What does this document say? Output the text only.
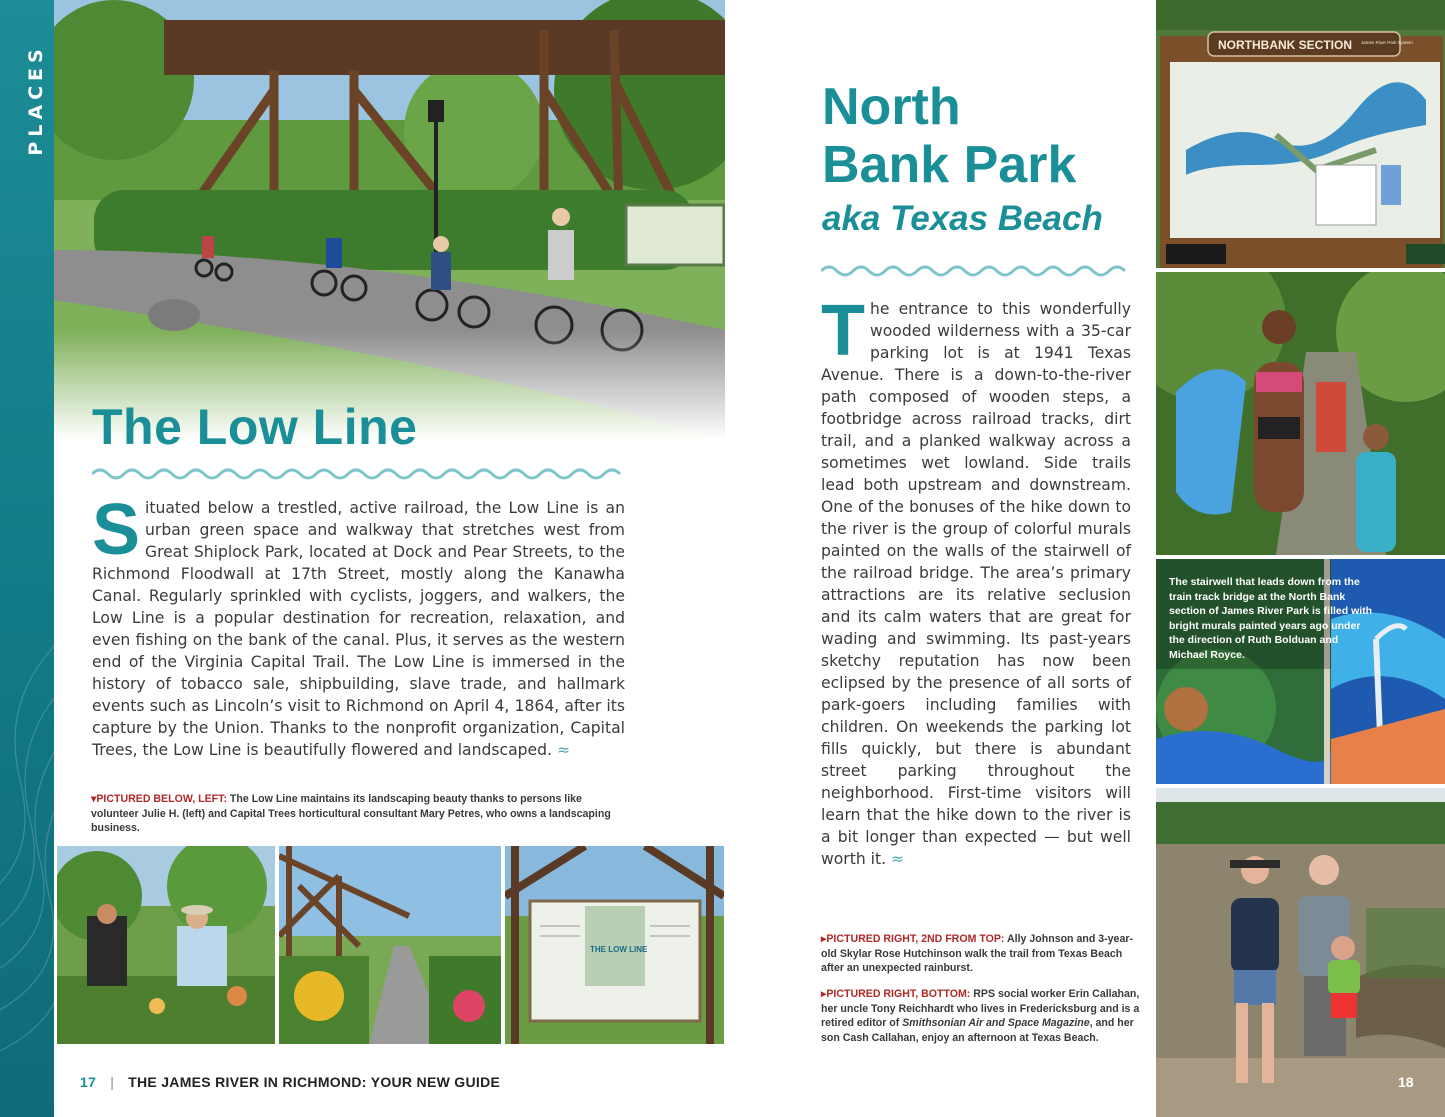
PLACES
The Low Line

Situated below a trestled, active railroad, the Low Line is an urban green space and walkway that stretches west from Great Shiplock Park, located at Dock and Pear Streets, to the Richmond Floodwall at 17th Street, mostly along the Kanawha Canal. Regularly sprinkled with cyclists, joggers, and walkers, the Low Line is a popular destination for recreation, relaxation, and even fishing on the bank of the canal. Plus, it serves as the western end of the Virginia Capital Trail. The Low Line is immersed in the history of tobacco sale, shipbuilding, slave trade, and hallmark events such as Lincoln’s visit to Richmond on April 4, 1864, after its capture by the Union. Thanks to the nonprofit organization, Capital Trees, the Low Line is beautifully flowered and landscaped. ≈

▾PICTURED BELOW, LEFT: The Low Line maintains its landscaping beauty thanks to persons like volunteer Julie H. (left) and Capital Trees horticultural consultant Mary Petres, who owns a landscaping business.

THE LOW LINE
17 | THE JAMES RIVER IN RICHMOND: YOUR NEW GUIDE
North
Bank Park
aka Texas Beach

The entrance to this wonderfully wooded wilderness with a 35-car parking lot is at 1941 Texas Avenue. There is a down-to-the-river path composed of wooden steps, a footbridge across railroad tracks, dirt trail, and a planked walkway across a sometimes wet lowland. Side trails lead both upstream and downstream. One of the bonuses of the hike down to the river is the group of colorful murals painted on the walls of the stairwell of the railroad bridge. The area’s primary attractions are its relative seclusion and its calm waters that are great for wading and swimming. Its past-years sketchy reputation has now been eclipsed by the presence of all sorts of park-goers including families with children. On weekends the parking lot fills quickly, but there is abundant street parking throughout the neighborhood. First-time visitors will learn that the hike down to the river is a bit longer than expected — but well worth it. ≈

▸PICTURED RIGHT, 2ND FROM TOP: Ally Johnson and 3-year-old Skylar Rose Hutchinson walk the trail from Texas Beach after an unexpected rainburst.

▸PICTURED RIGHT, BOTTOM: RPS social worker Erin Callahan, her uncle Tony Reichhardt who lives in Fredericksburg and is a retired editor of Smithsonian Air and Space Magazine, and her son Cash Callahan, enjoy an afternoon at Texas Beach.

NORTHBANK SECTION James River Park System

The stairwell that leads down from the train track bridge at the North Bank section of James River Park is filled with bright murals painted years ago under the direction of Ruth Bolduan and Michael Royce.

18
